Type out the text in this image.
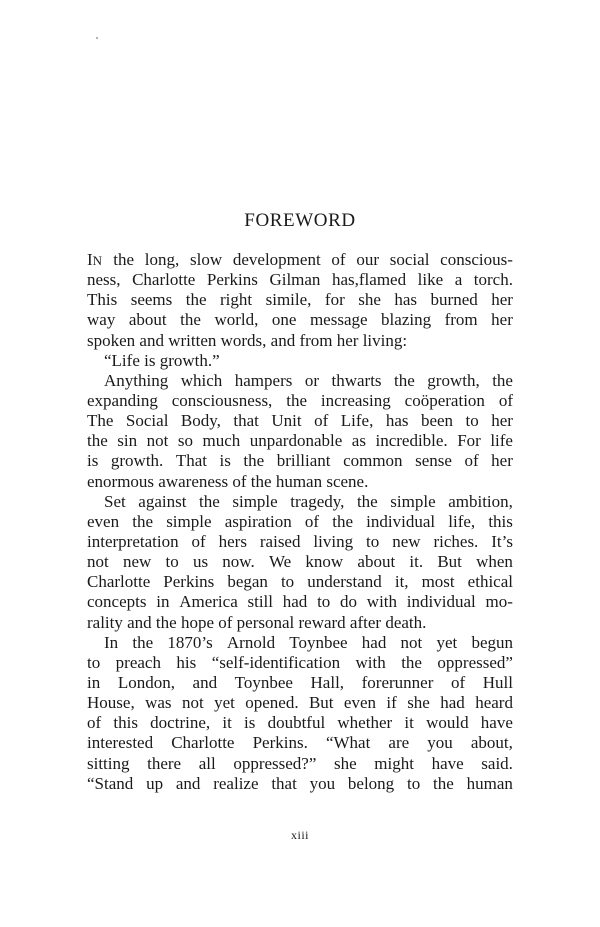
FOREWORD
IN the long, slow development of our social conscious-
ness, Charlotte Perkins Gilman has,flamed like a torch.
This seems the right simile, for she has burned her
way about the world, one message blazing from her
spoken and written words, and from her living:
“Life is growth.”
Anything which hampers or thwarts the growth, the
expanding consciousness, the increasing coöperation of
The Social Body, that Unit of Life, has been to her
the sin not so much unpardonable as incredible. For life
is growth. That is the brilliant common sense of her
enormous awareness of the human scene.
Set against the simple tragedy, the simple ambition,
even the simple aspiration of the individual life, this
interpretation of hers raised living to new riches. It’s
not new to us now. We know about it. But when
Charlotte Perkins began to understand it, most ethical
concepts in America still had to do with individual mo-
rality and the hope of personal reward after death.
In the 1870’s Arnold Toynbee had not yet begun
to preach his “self-identification with the oppressed”
in London, and Toynbee Hall, forerunner of Hull
House, was not yet opened. But even if she had heard
of this doctrine, it is doubtful whether it would have
interested Charlotte Perkins. “What are you about,
sitting there all oppressed?” she might have said.
“Stand up and realize that you belong to the human
xiii
